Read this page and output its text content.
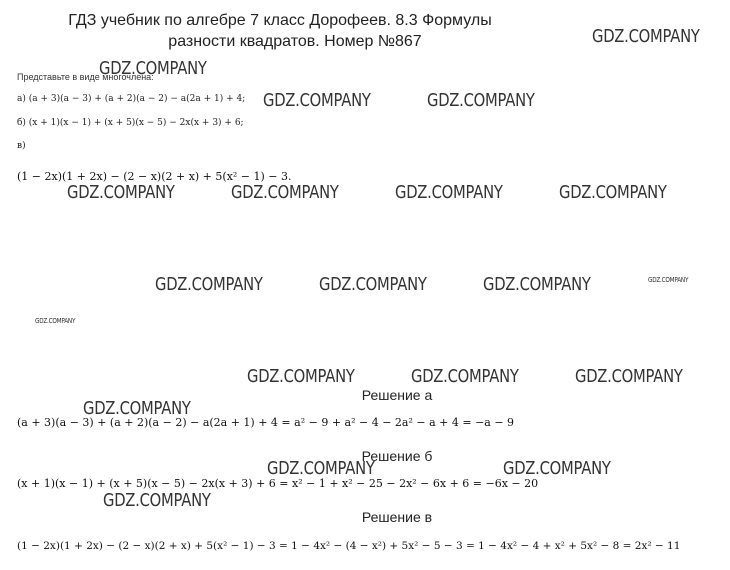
ГДЗ учебник по алгебре 7 класс Дорофеев. 8.3 Формулы
разности квадратов. Номер №867
Представьте в виде многочлена:
а) (a + 3)(a − 3) + (a + 2)(a − 2) − a(2a + 1) + 4;
б) (x + 1)(x − 1) + (x + 5)(x − 5) − 2x(x + 3) + 6;
в)
(1 − 2x)(1 + 2x) − (2 − x)(2 + x) + 5(x² − 1) − 3.
Решение а
(a + 3)(a − 3) + (a + 2)(a − 2) − a(2a + 1) + 4 = a² − 9 + a² − 4 − 2a² − a + 4 = −a − 9
Решение б
(x + 1)(x − 1) + (x + 5)(x − 5) − 2x(x + 3) + 6 = x² − 1 + x² − 25 − 2x² − 6x + 6 = −6x − 20
Решение в
(1 − 2x)(1 + 2x) − (2 − x)(2 + x) + 5(x² − 1) − 3 = 1 − 4x² − (4 − x²) + 5x² − 5 − 3 = 1 − 4x² − 4 + x² + 5x² − 8 = 2x² − 11
GDZ.COMPANY
GDZ.COMPANY
GDZ.COMPANY	GDZ.COMPANY
GDZ.COMPANY	GDZ.COMPANY	GDZ.COMPANY	GDZ.COMPANY
GDZ.COMPANY	GDZ.COMPANY	GDZ.COMPANY	GDZ.COMPANY
GDZ.COMPANY
GDZ.COMPANY	GDZ.COMPANY	GDZ.COMPANY
GDZ.COMPANY
GDZ.COMPANY	GDZ.COMPANY
GDZ.COMPANY
